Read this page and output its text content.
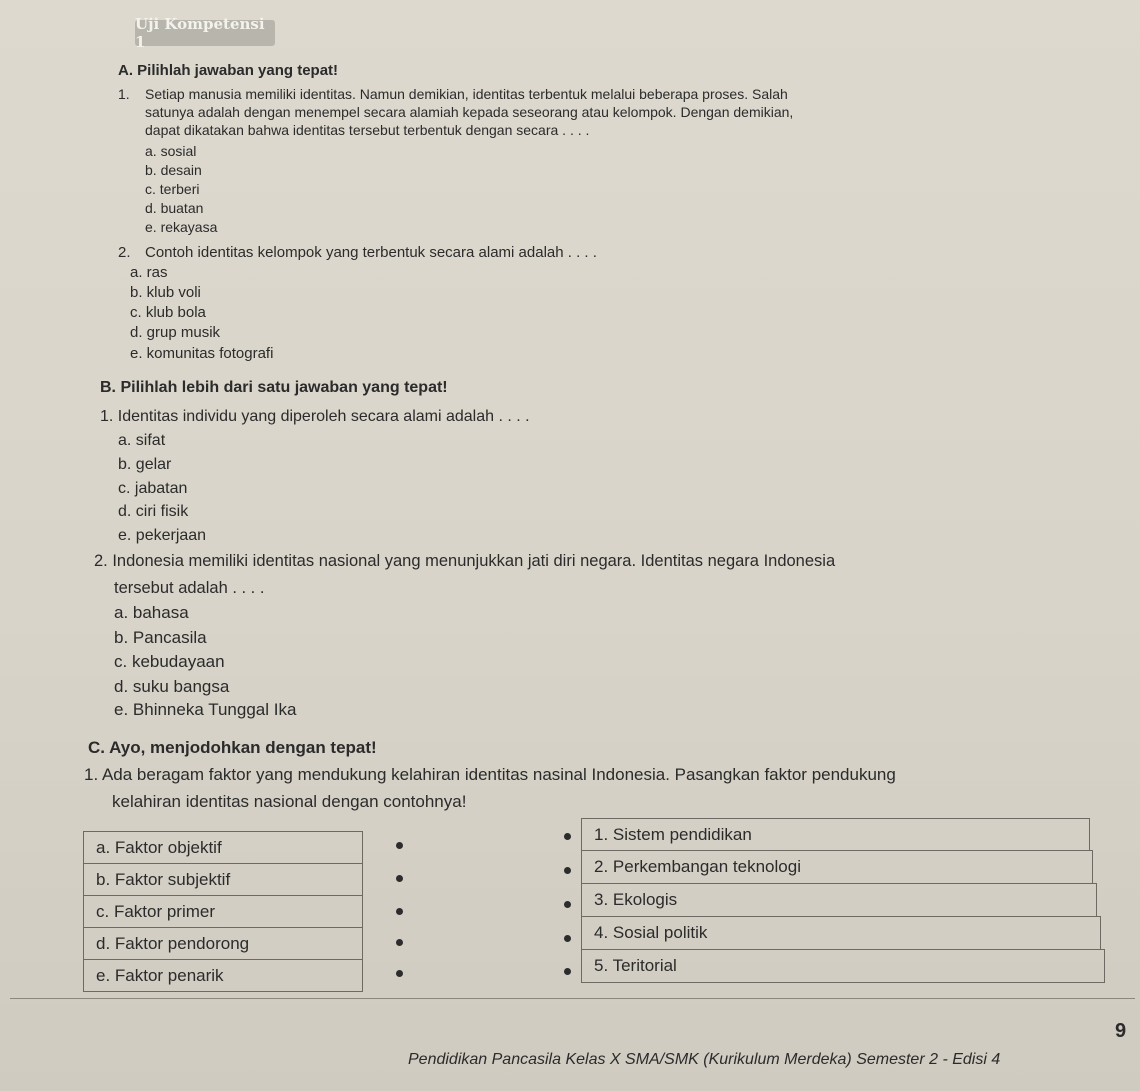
Uji Kompetensi 1
A. Pilihlah jawaban yang tepat!
1. Setiap manusia memiliki identitas. Namun demikian, identitas terbentuk melalui beberapa proses. Salah
satunya adalah dengan menempel secara alamiah kepada seseorang atau kelompok. Dengan demikian,
dapat dikatakan bahwa identitas tersebut terbentuk dengan secara . . . .
a. sosial
b. desain
c. terberi
d. buatan
e. rekayasa
2. Contoh identitas kelompok yang terbentuk secara alami adalah . . . .
a. ras
b. klub voli
c. klub bola
d. grup musik
e. komunitas fotografi
B. Pilihlah lebih dari satu jawaban yang tepat!
1. Identitas individu yang diperoleh secara alami adalah . . . .
a. sifat
b. gelar
c. jabatan
d. ciri fisik
e. pekerjaan
2. Indonesia memiliki identitas nasional yang menunjukkan jati diri negara. Identitas negara Indonesia
tersebut adalah . . . .
a. bahasa
b. Pancasila
c. kebudayaan
d. suku bangsa
e. Bhinneka Tunggal Ika
C. Ayo, menjodohkan dengan tepat!
1. Ada beragam faktor yang mendukung kelahiran identitas nasinal Indonesia. Pasangkan faktor pendukung
kelahiran identitas nasional dengan contohnya!
a. Faktor objektif
b. Faktor subjektif
c. Faktor primer
d. Faktor pendorong
e. Faktor penarik
1. Sistem pendidikan
2. Perkembangan teknologi
3. Ekologis
4. Sosial politik
5. Teritorial
Pendidikan Pancasila Kelas X SMA/SMK (Kurikulum Merdeka) Semester 2 - Edisi 4
9
